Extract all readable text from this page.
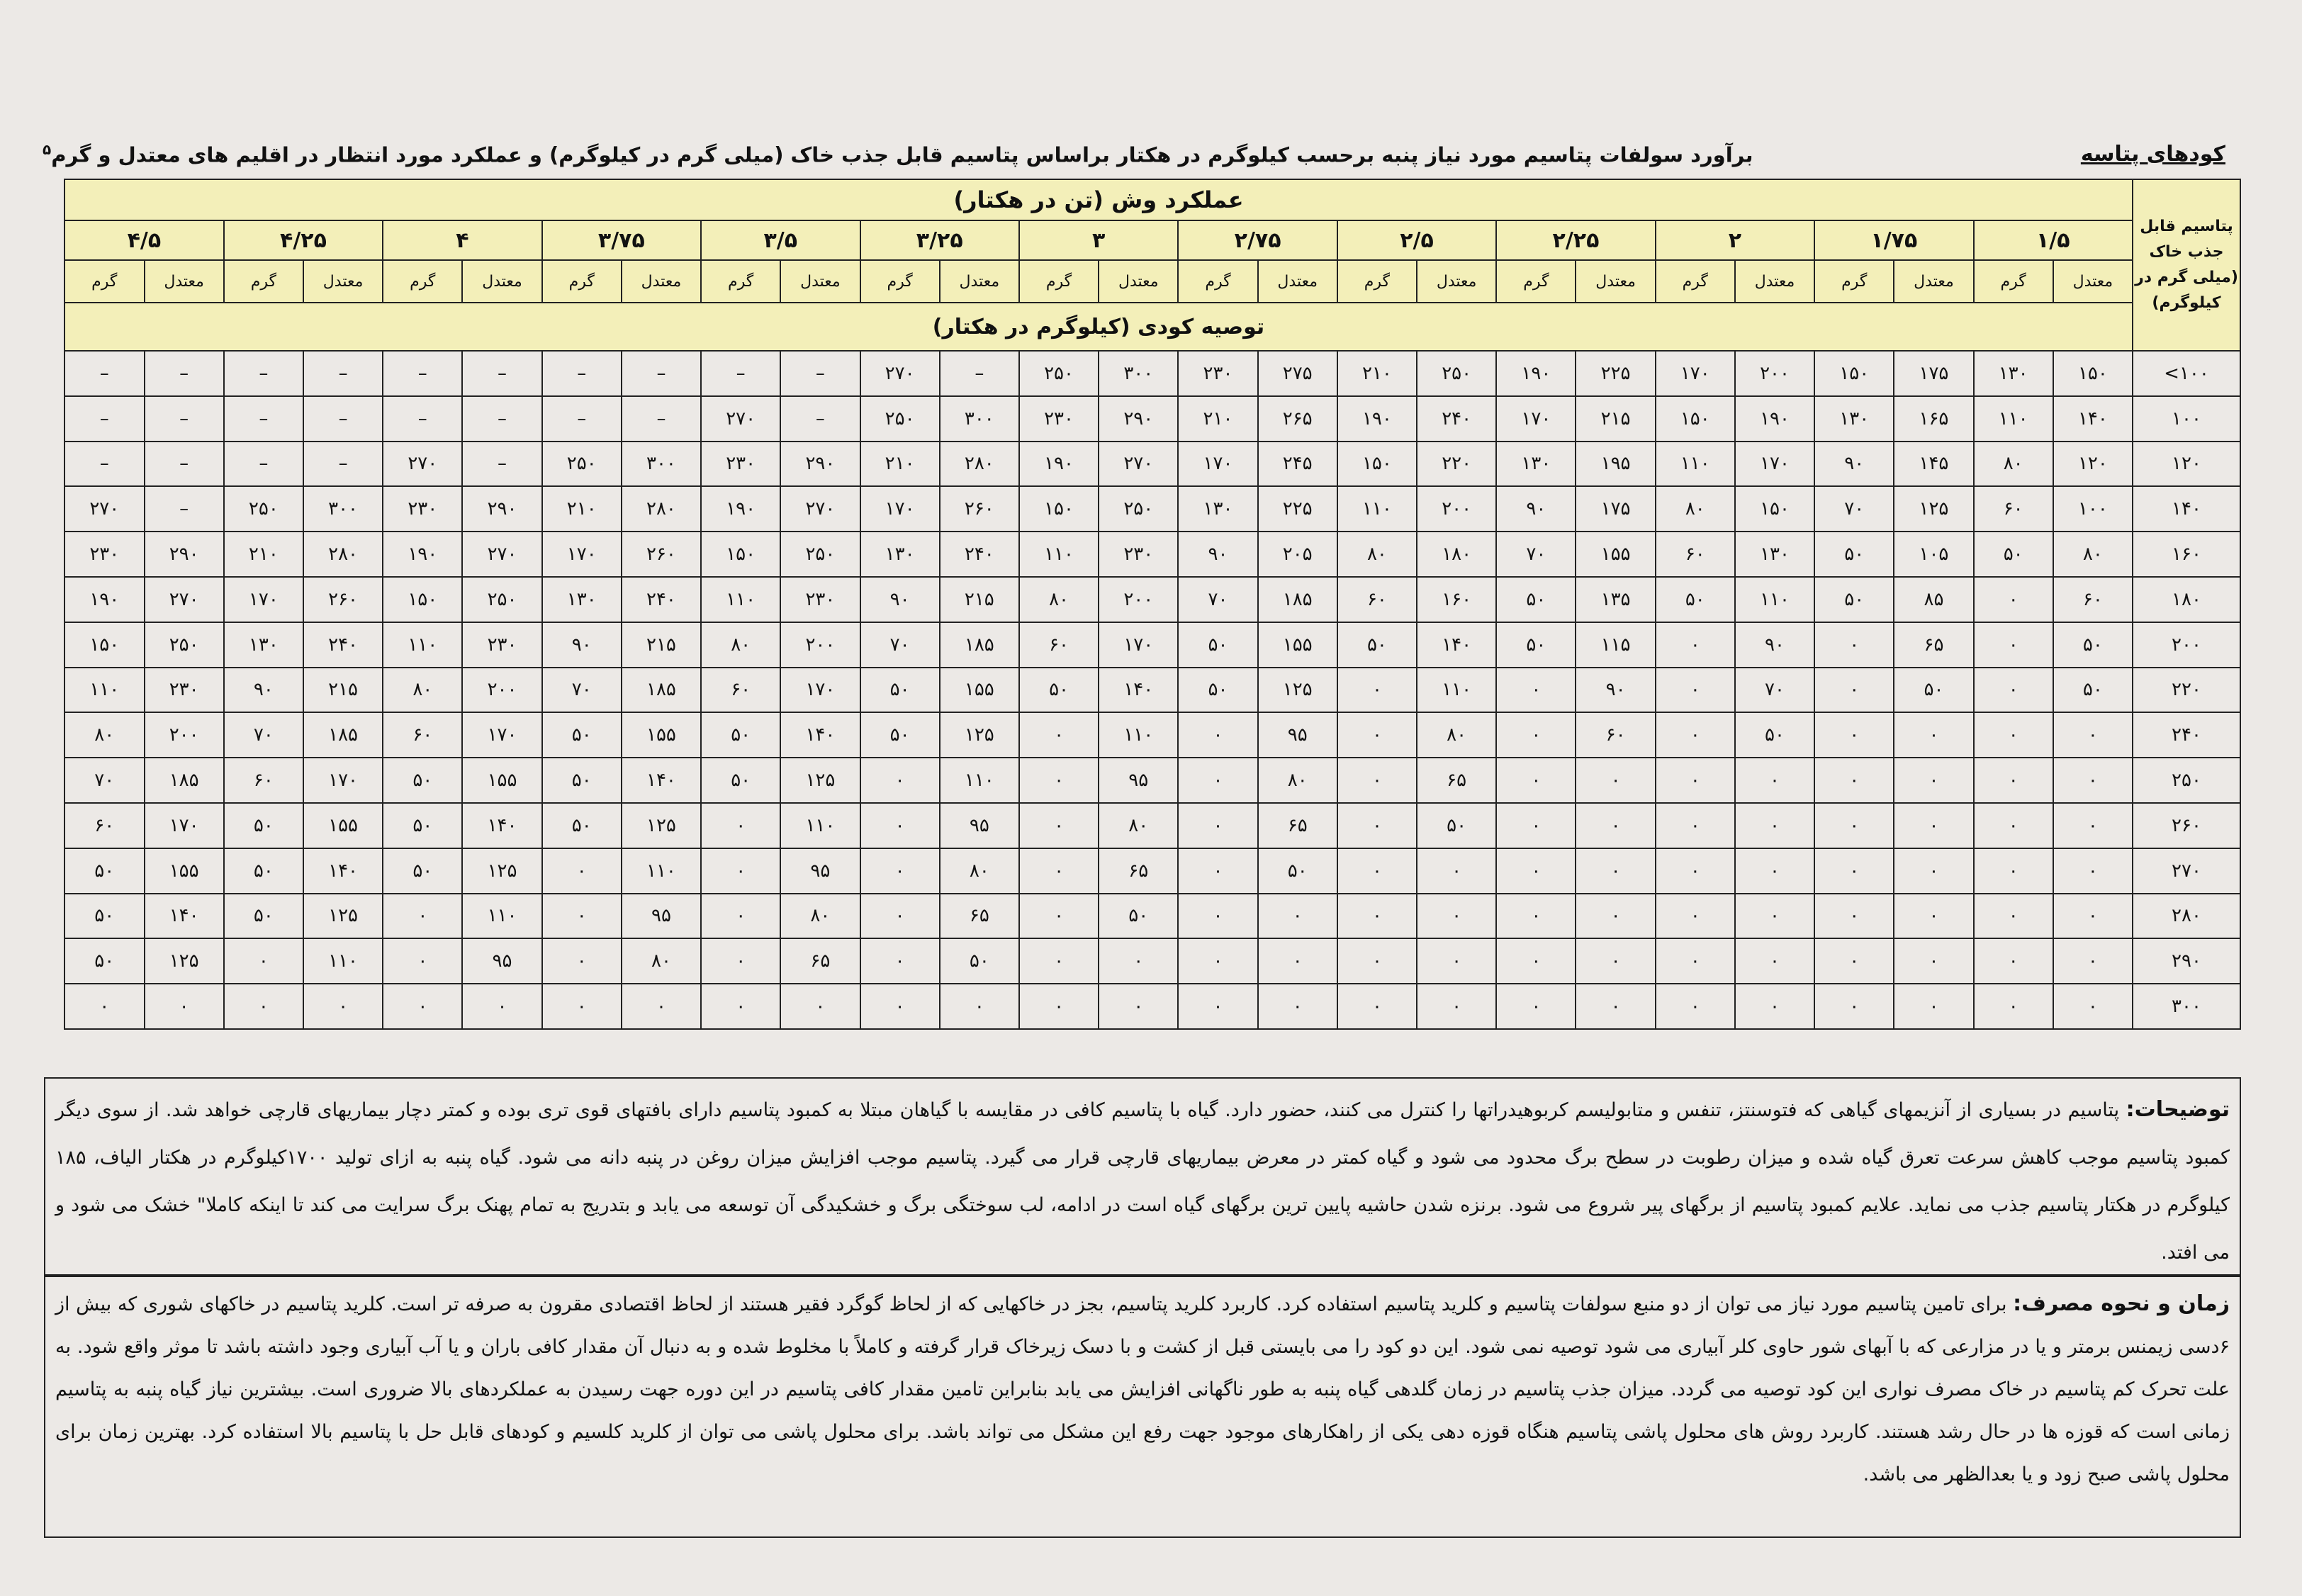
کودهای پتاسه
برآورد سولفات پتاسیم مورد نیاز پنبه برحسب کیلوگرم در هکتار براساس پتاسیم قابل جذب خاک (میلی گرم در کیلوگرم) و عملکرد مورد انتظار در اقلیم های معتدل و گرم$^۵$
پتاسیم قابل جذب خاک (میلی گرم در کیلوگرم)	عملکرد وش (تن در هکتار)																									
	۱/۵		۱/۷۵		۲		۲/۲۵		۲/۵		۲/۷۵		۳		۳/۲۵		۳/۵		۳/۷۵		۴		۴/۲۵		۴/۵	
	معتدل	گرم	معتدل	گرم	معتدل	گرم	معتدل	گرم	معتدل	گرم	معتدل	گرم	معتدل	گرم	معتدل	گرم	معتدل	گرم	معتدل	گرم	معتدل	گرم	معتدل	گرم	معتدل	گرم
	توصیه کودی (کیلوگرم در هکتار)																									
۱۰۰>	۱۵۰	۱۳۰	۱۷۵	۱۵۰	۲۰۰	۱۷۰	۲۲۵	۱۹۰	۲۵۰	۲۱۰	۲۷۵	۲۳۰	۳۰۰	۲۵۰	–	۲۷۰	–	–	–	–	–	–	–	–	–	–
۱۰۰	۱۴۰	۱۱۰	۱۶۵	۱۳۰	۱۹۰	۱۵۰	۲۱۵	۱۷۰	۲۴۰	۱۹۰	۲۶۵	۲۱۰	۲۹۰	۲۳۰	۳۰۰	۲۵۰	–	۲۷۰	–	–	–	–	–	–	–	–
۱۲۰	۱۲۰	۸۰	۱۴۵	۹۰	۱۷۰	۱۱۰	۱۹۵	۱۳۰	۲۲۰	۱۵۰	۲۴۵	۱۷۰	۲۷۰	۱۹۰	۲۸۰	۲۱۰	۲۹۰	۲۳۰	۳۰۰	۲۵۰	–	۲۷۰	–	–	–	–
۱۴۰	۱۰۰	۶۰	۱۲۵	۷۰	۱۵۰	۸۰	۱۷۵	۹۰	۲۰۰	۱۱۰	۲۲۵	۱۳۰	۲۵۰	۱۵۰	۲۶۰	۱۷۰	۲۷۰	۱۹۰	۲۸۰	۲۱۰	۲۹۰	۲۳۰	۳۰۰	۲۵۰	–	۲۷۰
۱۶۰	۸۰	۵۰	۱۰۵	۵۰	۱۳۰	۶۰	۱۵۵	۷۰	۱۸۰	۸۰	۲۰۵	۹۰	۲۳۰	۱۱۰	۲۴۰	۱۳۰	۲۵۰	۱۵۰	۲۶۰	۱۷۰	۲۷۰	۱۹۰	۲۸۰	۲۱۰	۲۹۰	۲۳۰
۱۸۰	۶۰	۰	۸۵	۵۰	۱۱۰	۵۰	۱۳۵	۵۰	۱۶۰	۶۰	۱۸۵	۷۰	۲۰۰	۸۰	۲۱۵	۹۰	۲۳۰	۱۱۰	۲۴۰	۱۳۰	۲۵۰	۱۵۰	۲۶۰	۱۷۰	۲۷۰	۱۹۰
۲۰۰	۵۰	۰	۶۵	۰	۹۰	۰	۱۱۵	۵۰	۱۴۰	۵۰	۱۵۵	۵۰	۱۷۰	۶۰	۱۸۵	۷۰	۲۰۰	۸۰	۲۱۵	۹۰	۲۳۰	۱۱۰	۲۴۰	۱۳۰	۲۵۰	۱۵۰
۲۲۰	۵۰	۰	۵۰	۰	۷۰	۰	۹۰	۰	۱۱۰	۰	۱۲۵	۵۰	۱۴۰	۵۰	۱۵۵	۵۰	۱۷۰	۶۰	۱۸۵	۷۰	۲۰۰	۸۰	۲۱۵	۹۰	۲۳۰	۱۱۰
۲۴۰	۰	۰	۰	۰	۵۰	۰	۶۰	۰	۸۰	۰	۹۵	۰	۱۱۰	۰	۱۲۵	۵۰	۱۴۰	۵۰	۱۵۵	۵۰	۱۷۰	۶۰	۱۸۵	۷۰	۲۰۰	۸۰
۲۵۰	۰	۰	۰	۰	۰	۰	۰	۰	۶۵	۰	۸۰	۰	۹۵	۰	۱۱۰	۰	۱۲۵	۵۰	۱۴۰	۵۰	۱۵۵	۵۰	۱۷۰	۶۰	۱۸۵	۷۰
۲۶۰	۰	۰	۰	۰	۰	۰	۰	۰	۵۰	۰	۶۵	۰	۸۰	۰	۹۵	۰	۱۱۰	۰	۱۲۵	۵۰	۱۴۰	۵۰	۱۵۵	۵۰	۱۷۰	۶۰
۲۷۰	۰	۰	۰	۰	۰	۰	۰	۰	۰	۰	۵۰	۰	۶۵	۰	۸۰	۰	۹۵	۰	۱۱۰	۰	۱۲۵	۵۰	۱۴۰	۵۰	۱۵۵	۵۰
۲۸۰	۰	۰	۰	۰	۰	۰	۰	۰	۰	۰	۰	۰	۵۰	۰	۶۵	۰	۸۰	۰	۹۵	۰	۱۱۰	۰	۱۲۵	۵۰	۱۴۰	۵۰
۲۹۰	۰	۰	۰	۰	۰	۰	۰	۰	۰	۰	۰	۰	۰	۰	۵۰	۰	۶۵	۰	۸۰	۰	۹۵	۰	۱۱۰	۰	۱۲۵	۵۰
۳۰۰	۰	۰	۰	۰	۰	۰	۰	۰	۰	۰	۰	۰	۰	۰	۰	۰	۰	۰	۰	۰	۰	۰	۰	۰	۰	۰
توضیحات: پتاسیم در بسیاری از آنزیمهای گیاهی که فتوسنتز، تنفس و متابولیسم کربوهیدراتها را کنترل می کنند، حضور دارد. گیاه با پتاسیم کافی در مقایسه با گیاهان مبتلا به کمبود پتاسیم دارای بافتهای قوی تری بوده و کمتر دچار بیماریهای قارچی خواهد شد. از سوی دیگر کمبود پتاسیم موجب کاهش سرعت تعرق گیاه شده و میزان رطوبت در سطح برگ محدود می شود و گیاه کمتر در معرض بیماریهای قارچی قرار می گیرد. پتاسیم موجب افزایش میزان روغن در پنبه دانه می شود. گیاه پنبه به ازای تولید ۱۷۰۰کیلوگرم در هکتار الیاف، ۱۸۵ کیلوگرم در هکتار پتاسیم جذب می نماید. علایم کمبود پتاسیم از برگهای پیر شروع می شود. برنزه شدن حاشیه پایین ترین برگهای گیاه است در ادامه، لب سوختگی برگ و خشکیدگی آن توسعه می یابد و بتدریج به تمام پهنک برگ سرایت می کند تا اینکه کاملا" خشک می شود و می افتد.
زمان و نحوه مصرف: برای تامین پتاسیم مورد نیاز می توان از دو منبع سولفات پتاسیم و کلرید پتاسیم استفاده کرد. کاربرد کلرید پتاسیم، بجز در خاکهایی که از لحاظ گوگرد فقیر هستند از لحاظ اقتصادی مقرون به صرفه تر است. کلرید پتاسیم در خاکهای شوری که بیش از ۶دسی زیمنس برمتر و یا در مزارعی که با آبهای شور حاوی کلر آبیاری می شود توصیه نمی شود. این دو کود را می بایستی قبل از کشت و با دسک زیرخاک قرار گرفته و کاملاً با مخلوط شده و به دنبال آن مقدار کافی باران و یا آب آبیاری وجود داشته باشد تا موثر واقع شود. به علت تحرک کم پتاسیم در خاک مصرف نواری این کود توصیه می گردد. میزان جذب پتاسیم در زمان گلدهی گیاه پنبه به طور ناگهانی افزایش می یابد بنابراین تامین مقدار کافی پتاسیم در این دوره جهت رسیدن به عملکردهای بالا ضروری است. بیشترین نیاز گیاه پنبه به پتاسیم زمانی است که قوزه ها در حال رشد هستند. کاربرد روش های محلول پاشی پتاسیم هنگاه قوزه دهی یکی از راهکارهای موجود جهت رفع این مشکل می تواند باشد. برای محلول پاشی می توان از کلرید کلسیم و کودهای قابل حل با پتاسیم بالا استفاده کرد. بهترین زمان برای محلول پاشی صبح زود و یا بعدالظهر می باشد.
